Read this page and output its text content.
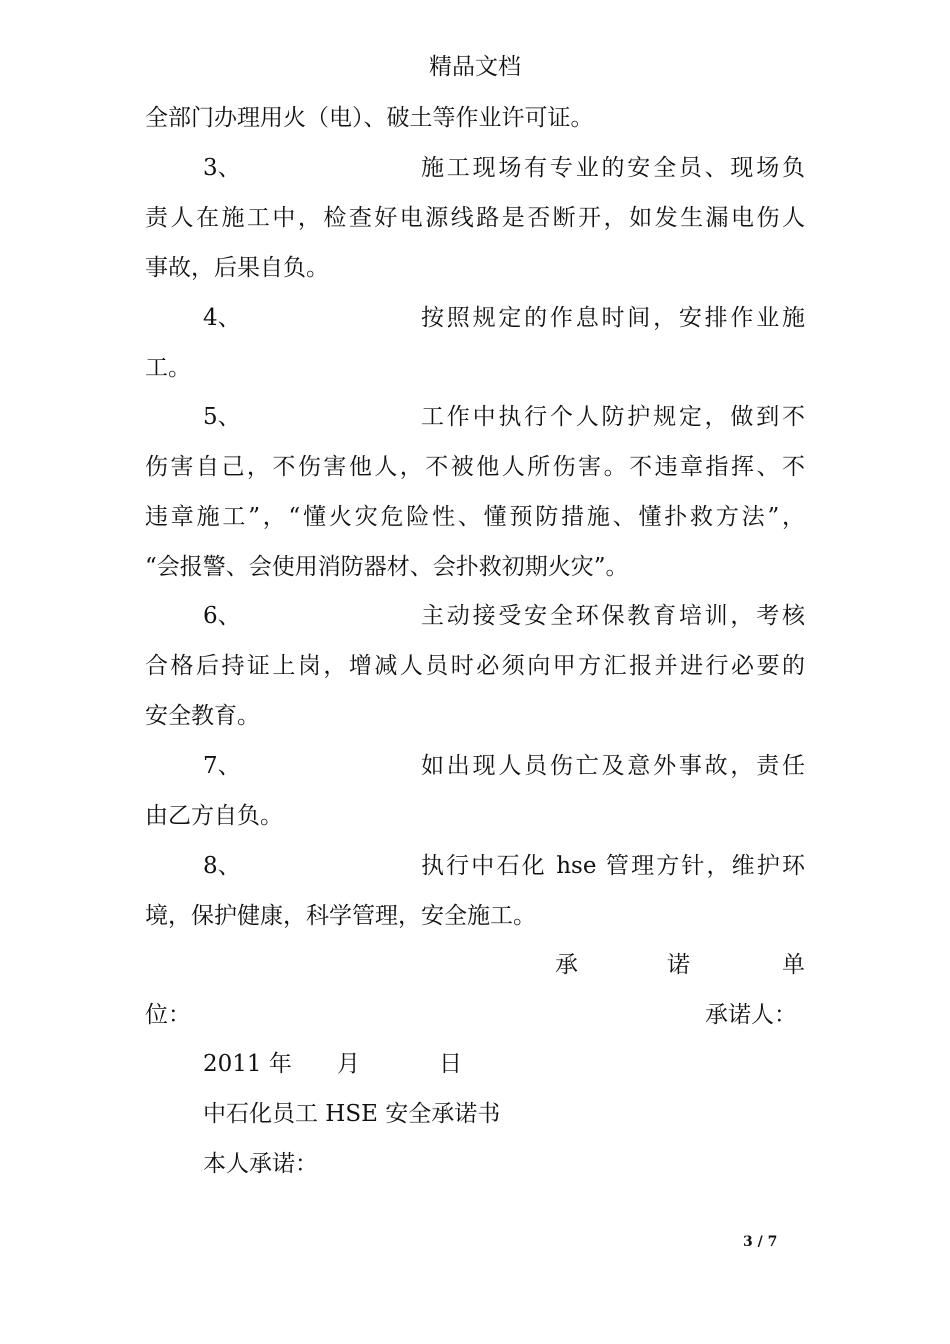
精品文档
全部门办理用火（电）、破土等作业许可证。
3、	施工现场有专业的安全员、现场负
责人在施工中，检查好电源线路是否断开，如发生漏电伤人
事故，后果自负。
4、	按照规定的作息时间，安排作业施
工。
5、	工作中执行个人防护规定，做到不
伤害自己，不伤害他人，不被他人所伤害。不违章指挥、不
违章施工”，“懂火灾危险性、懂预防措施、懂扑救方法”，
“会报警、会使用消防器材、会扑救初期火灾”。
6、	主动接受安全环保教育培训，考核
合格后持证上岗，增减人员时必须向甲方汇报并进行必要的
安全教育。
7、	如出现人员伤亡及意外事故，责任
由乙方自负。
8、	执行中石化 hse 管理方针，维护环
境，保护健康，科学管理，安全施工。
承	诺	单
位：	承诺人：
2011 年 月	日
中石化员工 HSE 安全承诺书
本人承诺：
3 / 7
